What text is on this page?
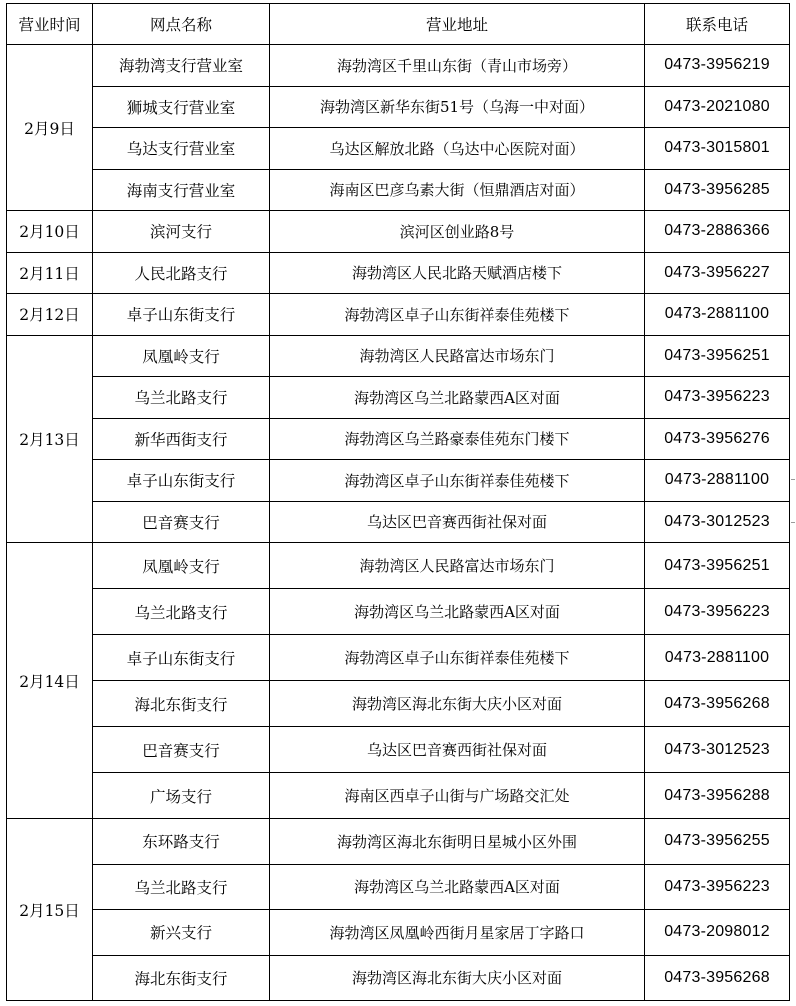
营业时间	网点名称	营业地址	联系电话
2月9日	海勃湾支行营业室	海勃湾区千里山东街（青山市场旁）	0473-3956219
	狮城支行营业室	海勃湾区新华东街51号（乌海一中对面）	0473-2021080
	乌达支行营业室	乌达区解放北路（乌达中心医院对面）	0473-3015801
	海南支行营业室	海南区巴彦乌素大街（恒鼎酒店对面）	0473-3956285
2月10日	滨河支行	滨河区创业路8号	0473-2886366
2月11日	人民北路支行	海勃湾区人民北路天赋酒店楼下	0473-3956227
2月12日	卓子山东街支行	海勃湾区卓子山东街祥泰佳苑楼下	0473-2881100
2月13日	凤凰岭支行	海勃湾区人民路富达市场东门	0473-3956251
	乌兰北路支行	海勃湾区乌兰北路蒙西A区对面	0473-3956223
	新华西街支行	海勃湾区乌兰路豪泰佳苑东门楼下	0473-3956276
	卓子山东街支行	海勃湾区卓子山东街祥泰佳苑楼下	0473-2881100
	巴音赛支行	乌达区巴音赛西街社保对面	0473-3012523
2月14日	凤凰岭支行	海勃湾区人民路富达市场东门	0473-3956251
	乌兰北路支行	海勃湾区乌兰北路蒙西A区对面	0473-3956223
	卓子山东街支行	海勃湾区卓子山东街祥泰佳苑楼下	0473-2881100
	海北东街支行	海勃湾区海北东街大庆小区对面	0473-3956268
	巴音赛支行	乌达区巴音赛西街社保对面	0473-3012523
	广场支行	海南区西卓子山街与广场路交汇处	0473-3956288
2月15日	东环路支行	海勃湾区海北东街明日星城小区外围	0473-3956255
	乌兰北路支行	海勃湾区乌兰北路蒙西A区对面	0473-3956223
	新兴支行	海勃湾区凤凰岭西街月星家居丁字路口	0473-2098012
	海北东街支行	海勃湾区海北东街大庆小区对面	0473-3956268
